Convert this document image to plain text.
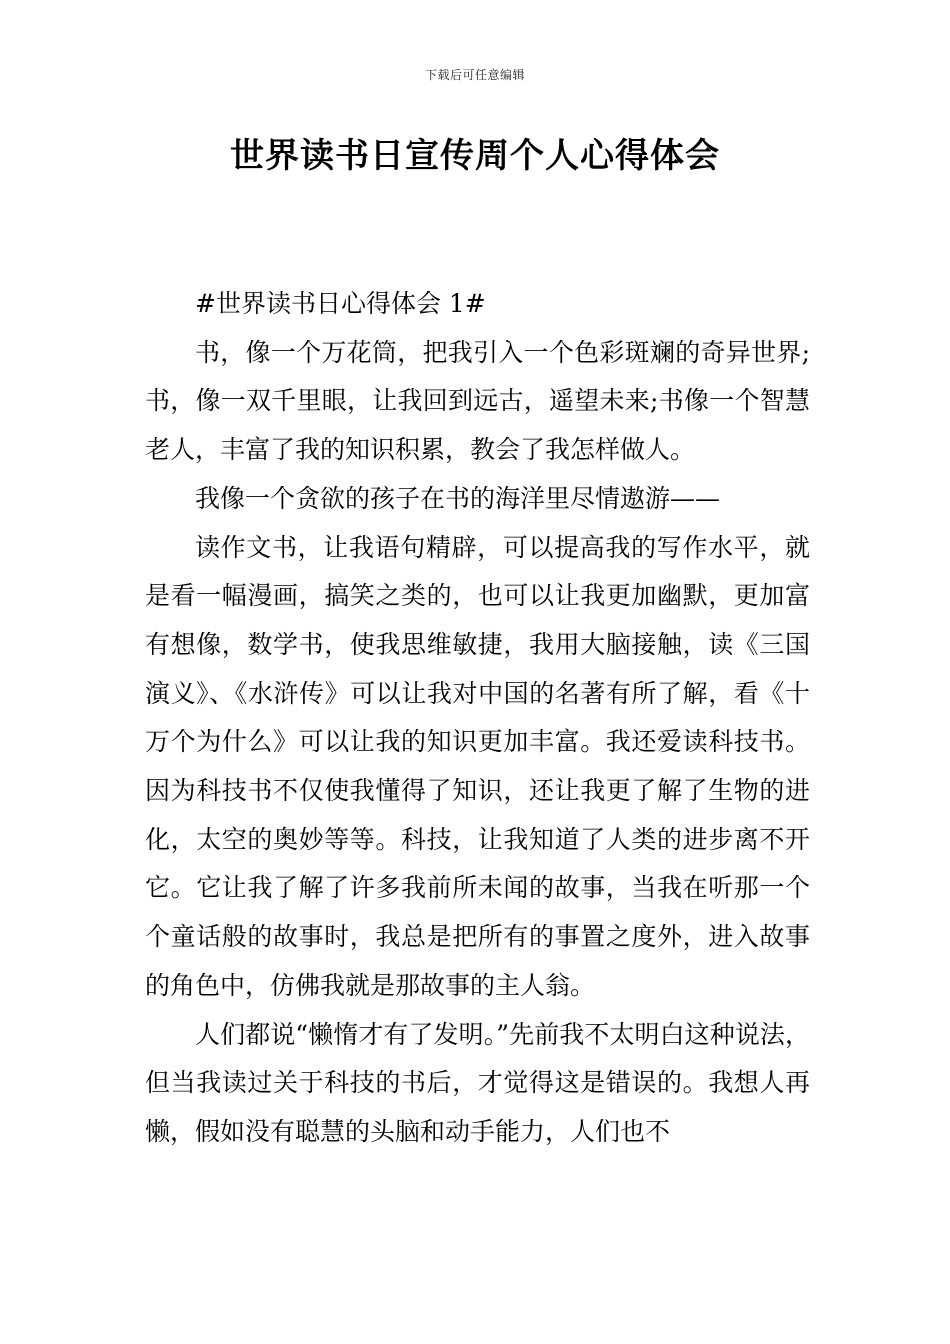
下载后可任意编辑
世界读书日宣传周个人心得体会

#世界读书日心得体会 1#

书，像一个万花筒，把我引入一个色彩斑斓的奇异世界;书，像一双千里眼，让我回到远古，遥望未来;书像一个智慧老人，丰富了我的知识积累，教会了我怎样做人。

我像一个贪欲的孩子在书的海洋里尽情遨游——

读作文书，让我语句精辟，可以提高我的写作水平，就是看一幅漫画，搞笑之类的，也可以让我更加幽默，更加富有想像，数学书，使我思维敏捷，我用大脑接触，读《三国演义》、《水浒传》可以让我对中国的名著有所了解，看《十万个为什么》可以让我的知识更加丰富。我还爱读科技书。因为科技书不仅使我懂得了知识，还让我更了解了生物的进化，太空的奥妙等等。科技，让我知道了人类的进步离不开它。它让我了解了许多我前所未闻的故事，当我在听那一个个童话般的故事时，我总是把所有的事置之度外，进入故事的角色中，仿佛我就是那故事的主人翁。

人们都说“懒惰才有了发明。”先前我不太明白这种说法，但当我读过关于科技的书后，才觉得这是错误的。我想人再懒，假如没有聪慧的头脑和动手能力，人们也不
